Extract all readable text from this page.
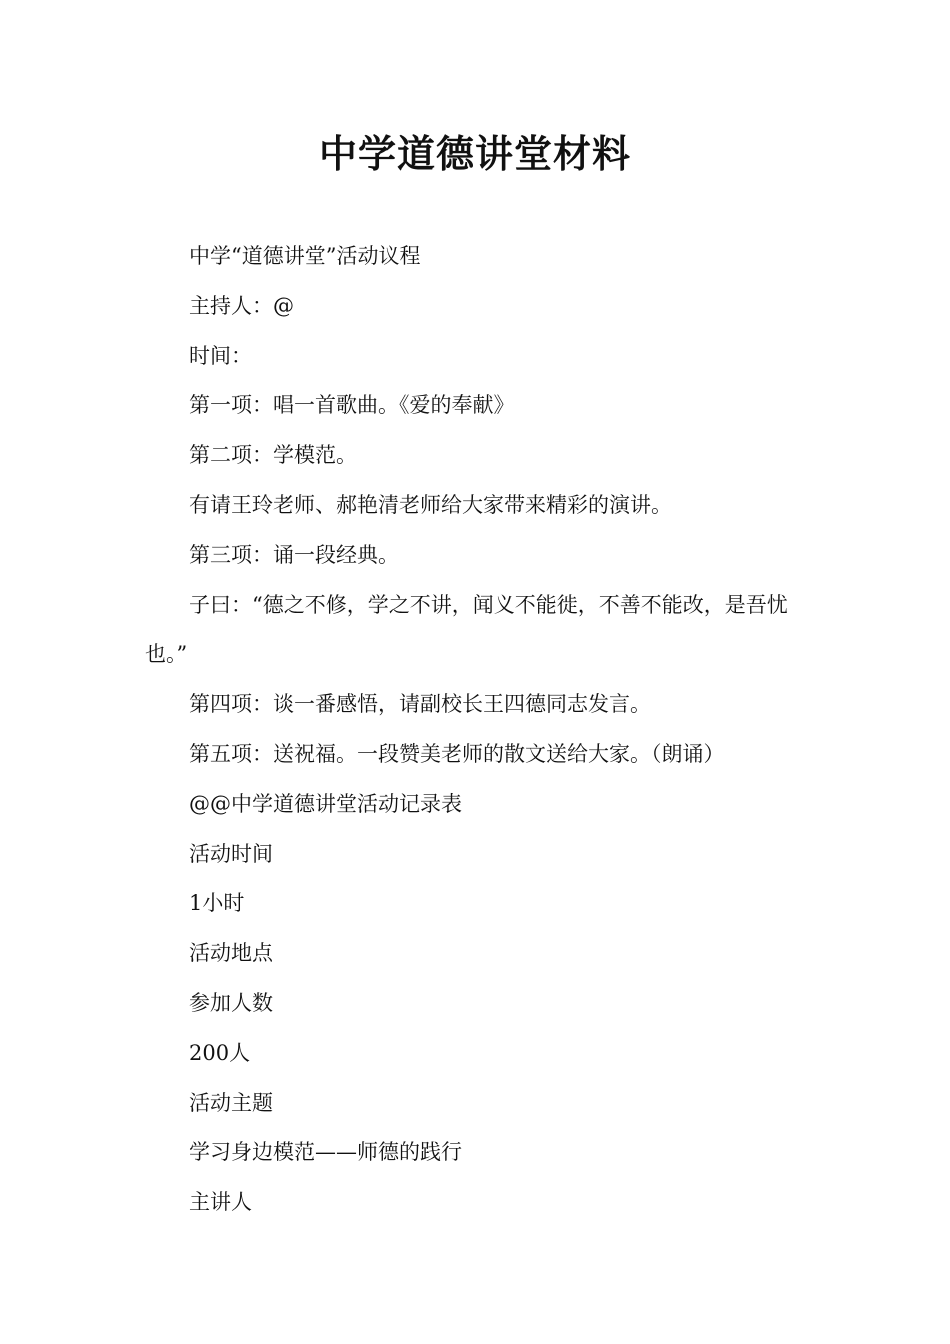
中学道德讲堂材料

中学“道德讲堂”活动议程

主持人：@

时间：

第一项：唱一首歌曲。《爱的奉献》

第二项：学模范。

有请王玲老师、郝艳清老师给大家带来精彩的演讲。

第三项：诵一段经典。

子曰：“德之不修，学之不讲，闻义不能徙，不善不能改，是吾忧也。”

第四项：谈一番感悟，请副校长王四德同志发言。

第五项：送祝福。一段赞美老师的散文送给大家。（朗诵）

@@中学道德讲堂活动记录表

活动时间

1小时

活动地点

参加人数

200人

活动主题

学习身边模范——师德的践行

主讲人
